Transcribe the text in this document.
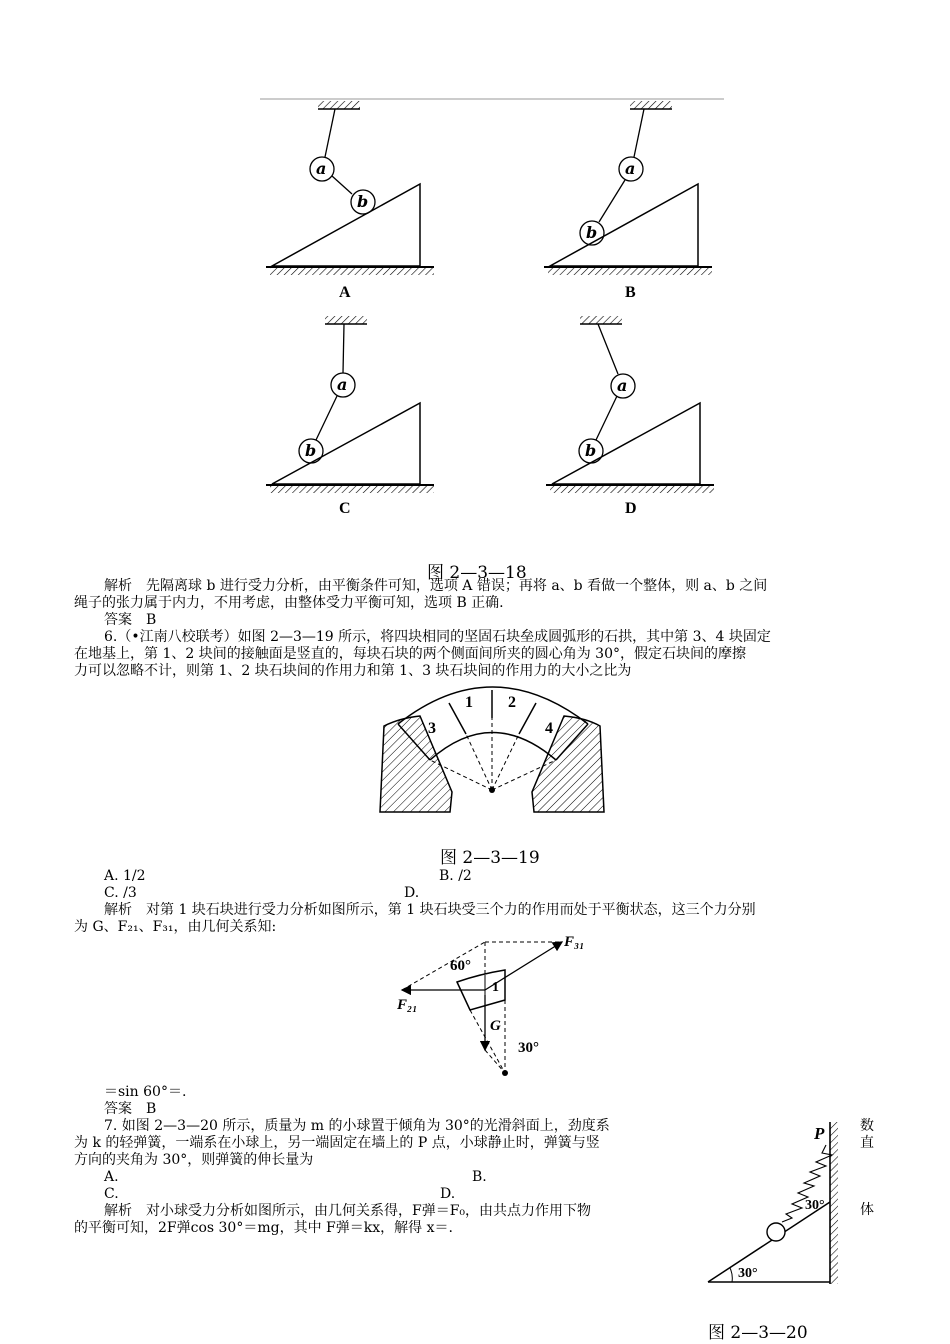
a
b
a
b
a
b
a
b
A	B
C	D
图 2—3—18
解析　先隔离球 b 进行受力分析，由平衡条件可知，选项 A 错误；再将 a、b 看做一个整体，则 a、b 之间
绳子的张力属于内力，不用考虑，由整体受力平衡可知，选项 B 正确.
答案　B
6.（•江南八校联考）如图 2—3—19 所示，将四块相同的坚固石块垒成圆弧形的石拱，其中第 3、4 块固定
在地基上，第 1、2 块间的接触面是竖直的，每块石块的两个侧面间所夹的圆心角为 30°，假定石块间的摩擦
力可以忽略不计，则第 1、2 块石块间的作用力和第 1、3 块石块间的作用力的大小之比为
1 2
3	4
图 2—3—19
A. 1/2	B. /2
C. /3	D.
解析　对第 1 块石块进行受力分析如图所示，第 1 块石块受三个力的作用而处于平衡状态，这三个力分别
为 G、F₂₁、F₃₁，由几何关系知:
F₃₁
F₂₁
G
1
60°
30°
＝sin 60°＝.
答案　B
7. 如图 2—3—20 所示，质量为 m 的小球置于倾角为 30°的光滑斜面上，劲度系
为 k 的轻弹簧，一端系在小球上，另一端固定在墙上的 P 点，小球静止时，弹簧与竖
方向的夹角为 30°，则弹簧的伸长量为
数
直
体
A.	B.
C.	D.
解析　对小球受力分析如图所示，由几何关系得，F弹＝F₀，由共点力作用下物
的平衡可知，2F弹cos 30°＝mg，其中 F弹＝kx，解得 x＝.
P
30°
30°
图 2—3—20
